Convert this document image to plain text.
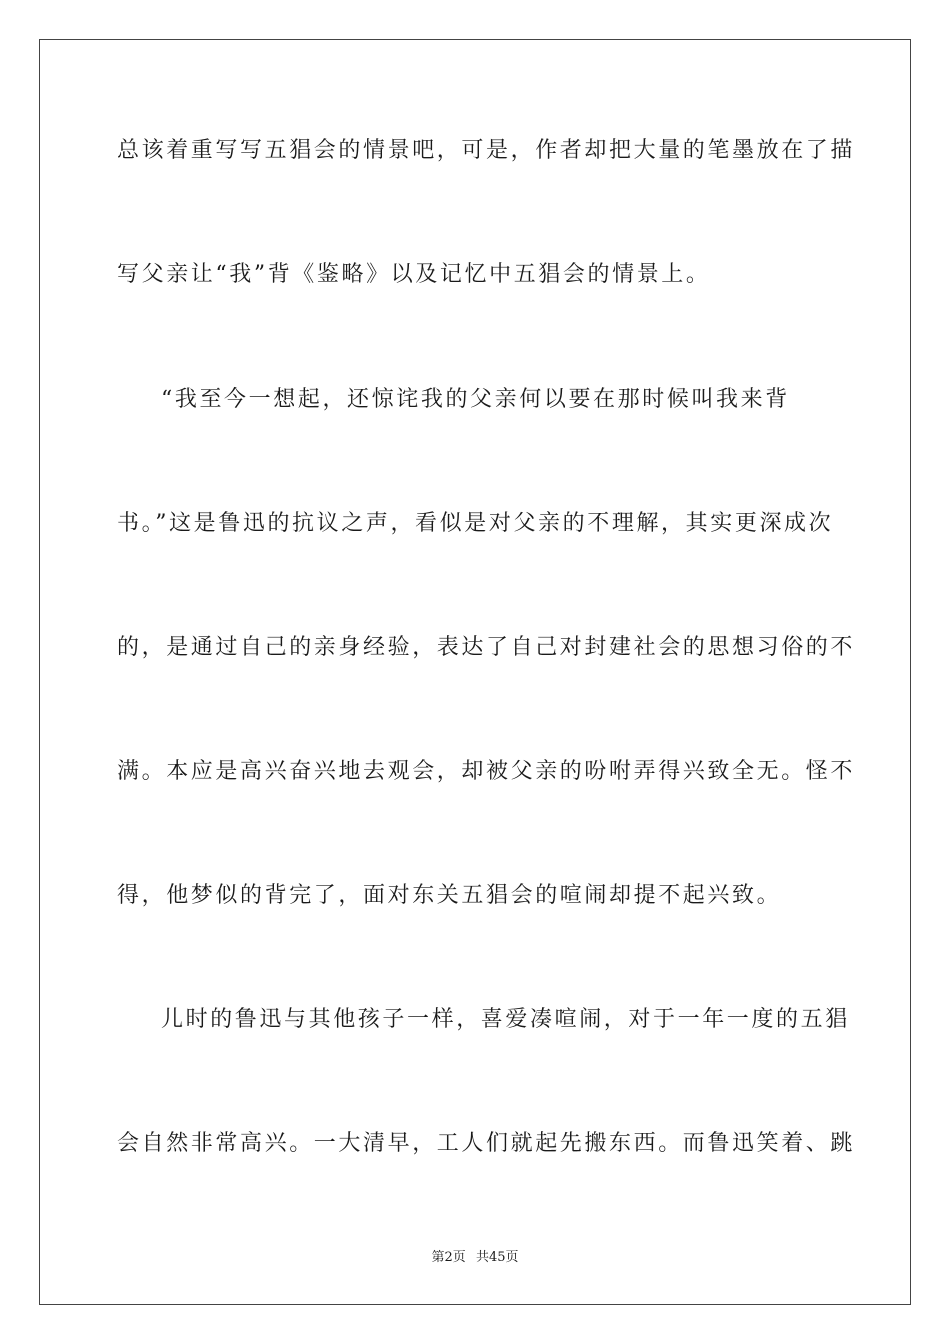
总该着重写写五猖会的情景吧，可是，作者却把大量的笔墨放在了描
写父亲让“我”背《鉴略》以及记忆中五猖会的情景上。
“我至今一想起，还惊诧我的父亲何以要在那时候叫我来背
书。”这是鲁迅的抗议之声，看似是对父亲的不理解，其实更深成次
的，是通过自己的亲身经验，表达了自己对封建社会的思想习俗的不
满。本应是高兴奋兴地去观会，却被父亲的吩咐弄得兴致全无。怪不
得，他梦似的背完了，面对东关五猖会的喧闹却提不起兴致。
儿时的鲁迅与其他孩子一样，喜爱凑喧闹，对于一年一度的五猖
会自然非常高兴。一大清早，工人们就起先搬东西。而鲁迅笑着、跳
第2页 共45页
